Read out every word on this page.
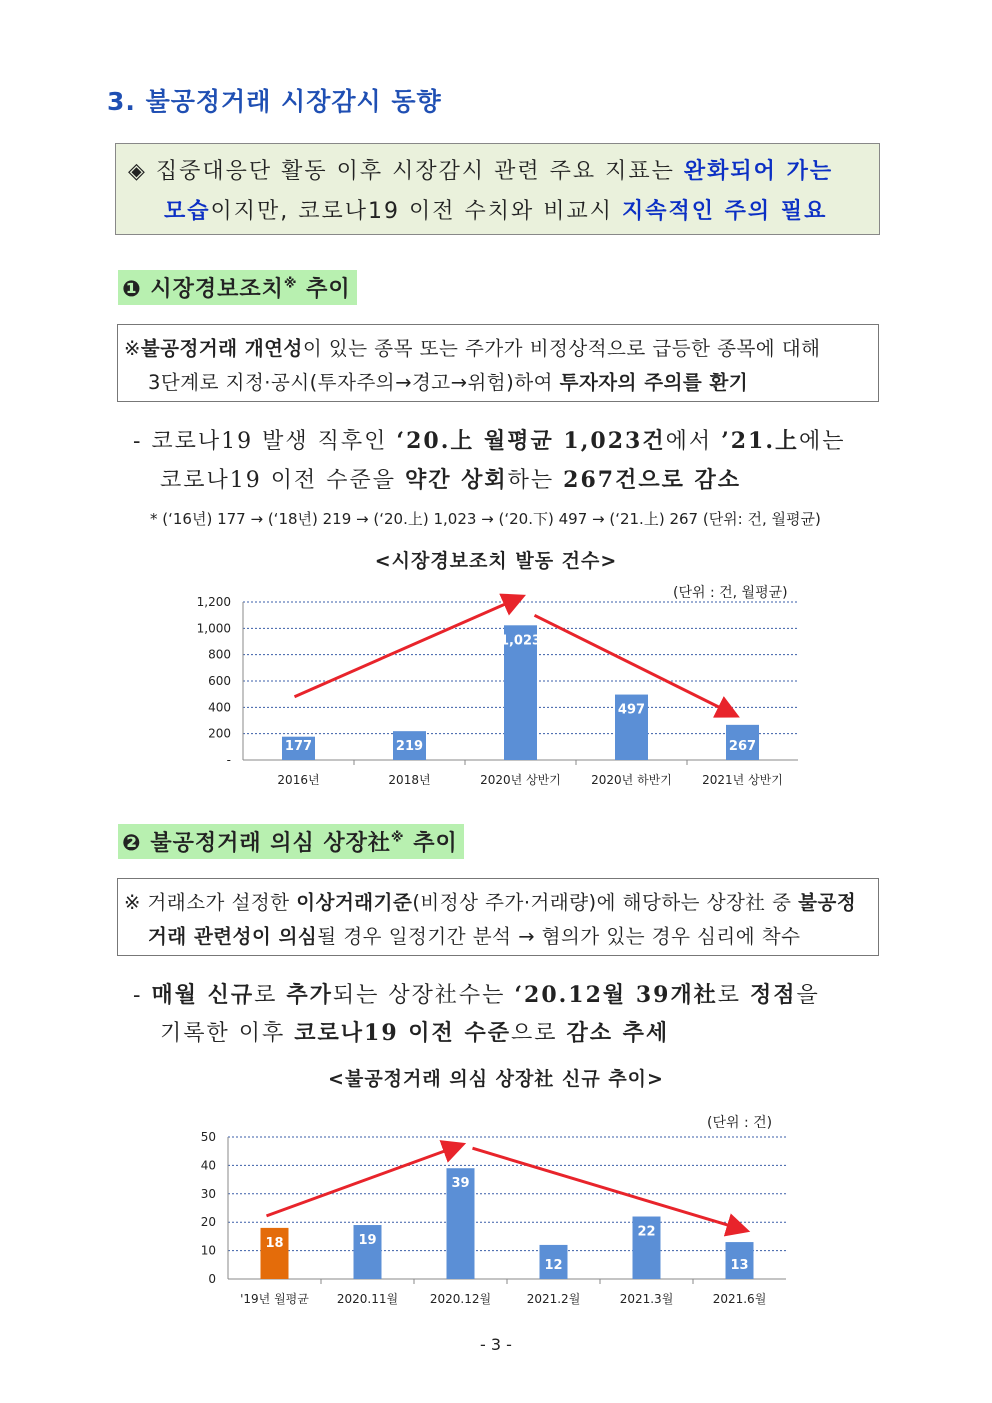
3. 불공정거래 시장감시 동향
◈ 집중대응단 활동 이후 시장감시 관련 주요 지표는 완화되어 가는
모습이지만, 코로나19 이전 수치와 비교시 지속적인 주의 필요
❶ 시장경보조치※ 추이
※불공정거래 개연성이 있는 종목 또는 주가가 비정상적으로 급등한 종목에 대해
3단계로 지정·공시(투자주의→경고→위험)하여 투자자의 주의를 환기
- 코로나19 발생 직후인 ‘20.上 월평균 1,023건에서 ’21.上에는
코로나19 이전 수준을 약간 상회하는 267건으로 감소
* (‘16년) 177 → (‘18년) 219 → (‘20.上) 1,023 → (‘20.下) 497 → (‘21.上) 267 (단위: 건, 월평균)
<시장경보조치 발동 건수>
(단위 : 건, 월평균)
-
200
400
600
800
1,000
1,200
2016년
177
2018년
219
2020년 상반기
1,023
2020년 하반기
497
2021년 상반기
267
❷ 불공정거래 의심 상장社※ 추이
※ 거래소가 설정한 이상거래기준(비정상 주가·거래량)에 해당하는 상장社 중 불공정
거래 관련성이 의심될 경우 일정기간 분석 → 혐의가 있는 경우 심리에 착수
- 매월 신규로 추가되는 상장社수는 ‘20.12월 39개社로 정점을
기록한 이후 코로나19 이전 수준으로 감소 추세
<불공정거래 의심 상장社 신규 추이>
(단위 : 건)
0
10
20
30
40
50
'19년 월평균
18
2020.11월
19
2020.12월
39
2021.2월
12
2021.3월
22
2021.6월
13
- 3 -
